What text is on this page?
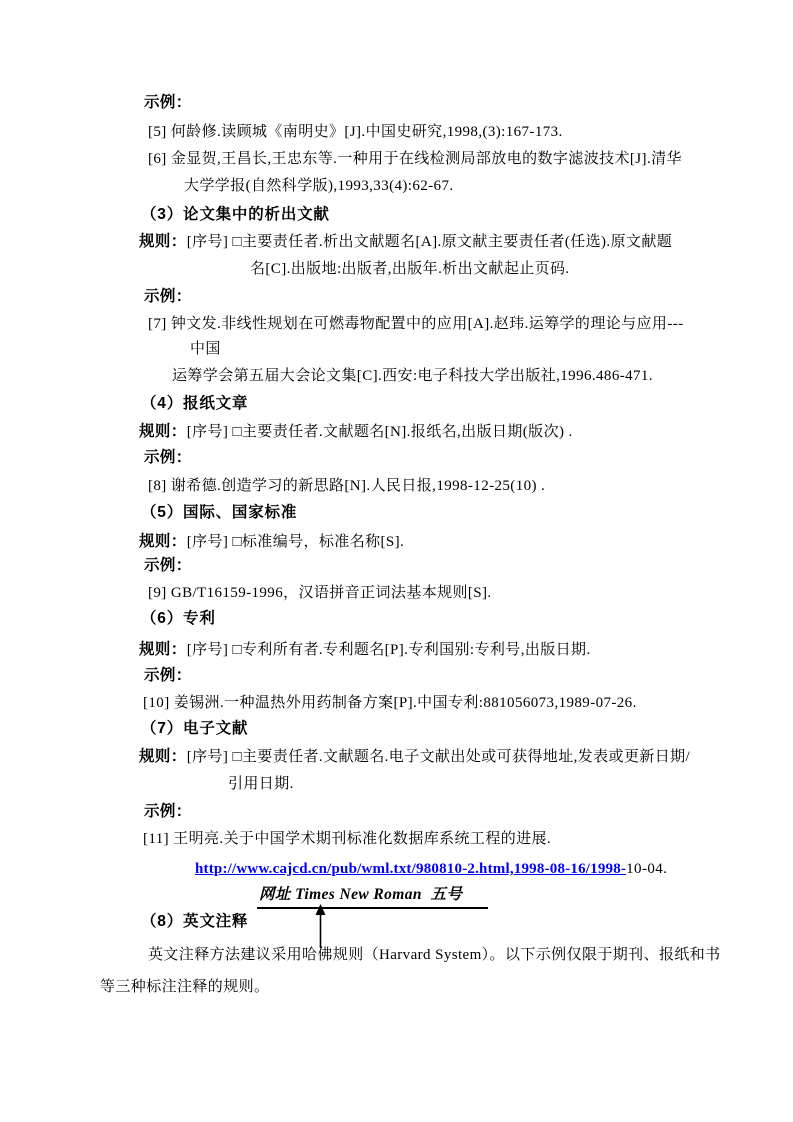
示例：
[5] 何龄修.读顾城《南明史》[J].中国史研究,1998,(3):167-173.
[6] 金显贺,王昌长,王忠东等.一种用于在线检测局部放电的数字滤波技术[J].清华
大学学报(自然科学版),1993,33(4):62-67.
（3）论文集中的析出文献
规则：[序号] □主要责任者.析出文献题名[A].原文献主要责任者(任选).原文献题
名[C].出版地:出版者,出版年.析出文献起止页码.
示例：
[7] 钟文发.非线性规划在可燃毒物配置中的应用[A].赵玮.运筹学的理论与应用---
中国
运筹学会第五届大会论文集[C].西安:电子科技大学出版社,1996.486-471.
（4）报纸文章
规则：[序号] □主要责任者.文献题名[N].报纸名,出版日期(版次) .
示例：
[8] 谢希德.创造学习的新思路[N].人民日报,1998-12-25(10) .
（5）国际、国家标准
规则：[序号] □标准编号，标准名称[S].
示例：
[9] GB/T16159-1996，汉语拼音正词法基本规则[S].
（6）专利
规则：[序号] □专利所有者.专利题名[P].专利国别:专利号,出版日期.
示例：
[10] 姜锡洲.一种温热外用药制备方案[P].中国专利:881056073,1989-07-26.
（7）电子文献
规则：[序号] □主要责任者.文献题名.电子文献出处或可获得地址,发表或更新日期/
引用日期.
示例：
[11] 王明亮.关于中国学术期刊标准化数据库系统工程的进展.
http://www.cajcd.cn/pub/wml.txt/980810-2.html,1998-08-16/1998-10-04.
网址 Times New Roman  五号
（8）英文注释
英文注释方法建议采用哈佛规则（Harvard System）。以下示例仅限于期刊、报纸和书
等三种标注注释的规则。
